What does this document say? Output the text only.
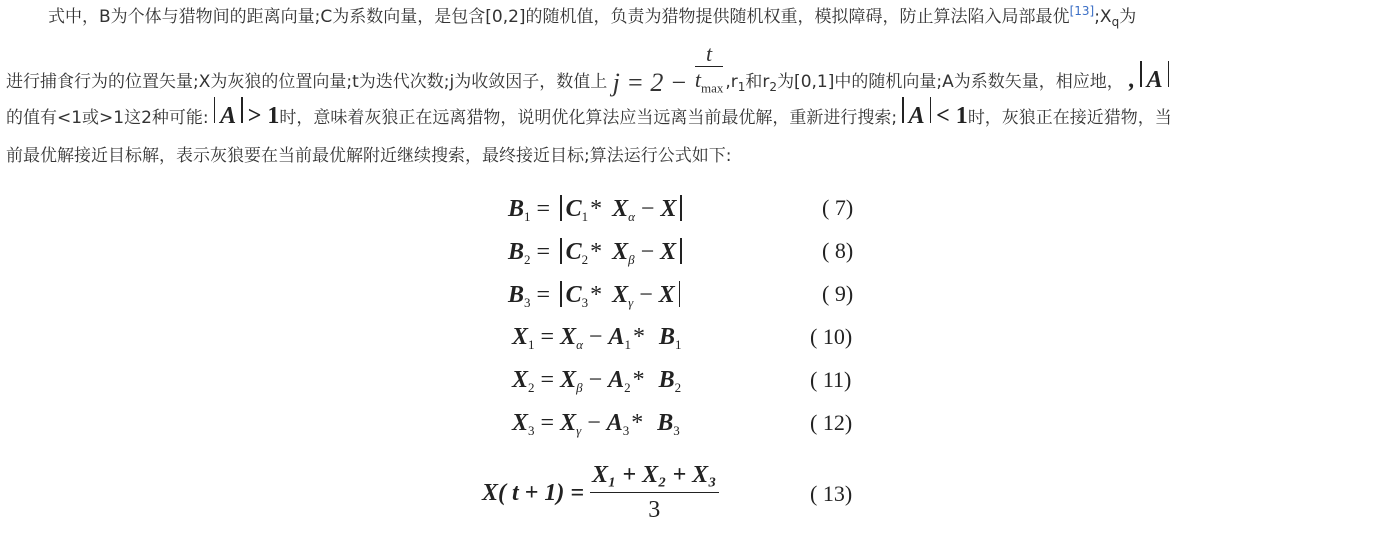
式中，B为个体与猎物间的距离向量;C为系数向量，是包含[0,2]的随机值，负责为猎物提供随机权重，模拟障碍，防止算法陷入局部最优$[13];X_q$为
进行捕食行为的位置矢量;X为灰狼的位置向量;t为迭代次数;j为收敛因子，数值上 $j = 2 - \frac{t}{t_{max}} ,r_1$和$r_2$为[0,1]中的随机向量;A为系数矢量，相应地， , A
的值有<1或>1这2种可能: A > 1时，意味着灰狼正在远离猎物，说明优化算法应当远离当前最优解，重新进行搜索; A < 1时，灰狼正在接近猎物，当
前最优解接近目标解，表示灰狼要在当前最优解附近继续搜索，最终接近目标;算法运行公式如下:
$B_1 = C_1*$ $X_\alpha - X$	( 7)
$B_2 = C_2*$ $X_\beta - X$	( 8)
$B_3 = C_3*$ $X_\gamma - X$	( 9)
$X_1 = X_\alpha - A_1*$ $B_1$	( 10)
$X_2 = X_\beta - A_2*$ $B_2$	( 11)
$X_3 = X_\gamma - A_3*$ $B_3$	( 12)
X( $t + 1) = \frac{\text{X₁ + X₂ + X₃}}{3}$	( 13)
